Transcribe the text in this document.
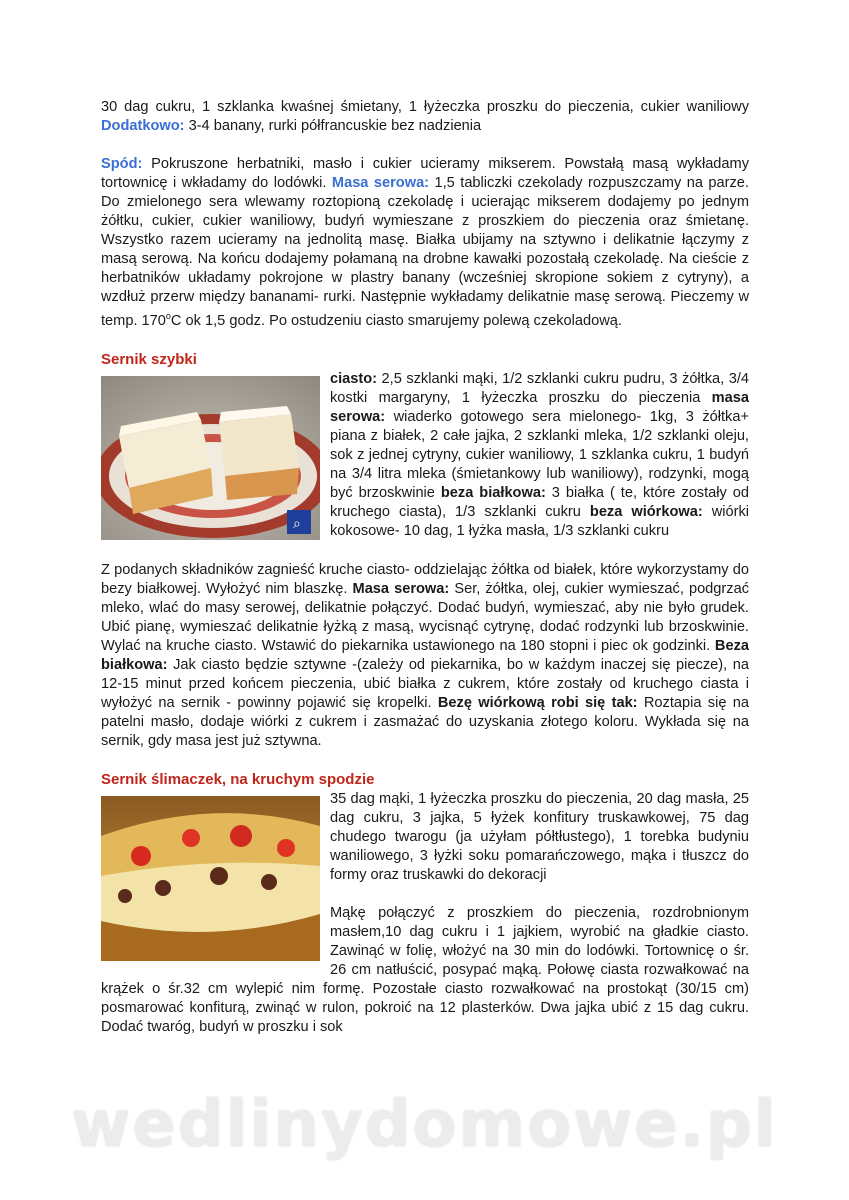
30 dag cukru, 1 szklanka kwaśnej śmietany, 1 łyżeczka proszku do pieczenia, cukier waniliowy Dodatkowo: 3-4 banany, rurki półfrancuskie bez nadzienia

Spód: Pokruszone herbatniki, masło i cukier ucieramy mikserem. Powstałą masą wykładamy tortownicę i wkładamy do lodówki. Masa serowa: 1,5 tabliczki czekolady rozpuszczamy na parze. Do zmielonego sera wlewamy roztopioną czekoladę i ucierając mikserem dodajemy po jednym żółtku, cukier, cukier waniliowy, budyń wymieszane z proszkiem do pieczenia oraz śmietanę. Wszystko razem ucieramy na jednolitą masę. Białka ubijamy na sztywno i delikatnie łączymy z masą serową. Na końcu dodajemy połamaną na drobne kawałki pozostałą czekoladę. Na cieście z herbatników układamy pokrojone w plastry banany (wcześniej skropione sokiem z cytryny), a wzdłuż przerw między bananami- rurki. Następnie wykładamy delikatnie masę serową. Pieczemy w temp. 170$^o$C ok 1,5 godz. Po ostudzeniu ciasto smarujemy polewą czekoladową.

Sernik szybki
⌕

ciasto: 2,5 szklanki mąki, 1/2 szklanki cukru pudru, 3 żółtka, 3/4 kostki margaryny, 1 łyżeczka proszku do pieczenia masa serowa: wiaderko gotowego sera mielonego- 1kg, 3 żółtka+ piana z białek, 2 całe jajka, 2 szklanki mleka, 1/2 szklanki oleju, sok z jednej cytryny, cukier waniliowy, 1 szklanka cukru, 1 budyń na 3/4 litra mleka (śmietankowy lub waniliowy), rodzynki, mogą być brzoskwinie beza białkowa: 3 białka ( te, które zostały od kruchego ciasta), 1/3 szklanki cukru beza wiórkowa: wiórki kokosowe- 10 dag, 1 łyżka masła, 1/3 szklanki cukru

Z podanych składników zagnieść kruche ciasto- oddzielając żółtka od białek, które wykorzystamy do bezy białkowej. Wyłożyć nim blaszkę. Masa serowa: Ser, żółtka, olej, cukier wymieszać, podgrzać mleko, wlać do masy serowej, delikatnie połączyć. Dodać budyń, wymieszać, aby nie było grudek. Ubić pianę, wymieszać delikatnie łyżką z masą, wycisnąć cytrynę, dodać rodzynki lub brzoskwinie. Wylać na kruche ciasto. Wstawić do piekarnika ustawionego na 180 stopni i piec ok godzinki. Beza białkowa: Jak ciasto będzie sztywne -(zależy od piekarnika, bo w każdym inaczej się piecze), na 12-15 minut przed końcem pieczenia, ubić białka z cukrem, które zostały od kruchego ciasta i wyłożyć na sernik - powinny pojawić się kropelki. Bezę wiórkową robi się tak: Roztapia się na patelni masło, dodaje wiórki z cukrem i zasmażać do uzyskania złotego koloru. Wykłada się na sernik, gdy masa jest już sztywna.

Sernik ślimaczek, na kruchym spodzie

35 dag mąki, 1 łyżeczka proszku do pieczenia, 20 dag masła, 25 dag cukru, 3 jajka, 5 łyżek konfitury truskawkowej, 75 dag chudego twarogu (ja użyłam półtłustego), 1 torebka budyniu waniliowego, 3 łyżki soku pomarańczowego, mąka i tłuszcz do formy oraz truskawki do dekoracji

Mąkę połączyć z proszkiem do pieczenia, rozdrobnionym masłem,10 dag cukru i 1 jajkiem, wyrobić na gładkie ciasto. Zawinąć w folię, włożyć na 30 min do lodówki. Tortownicę o śr. 26 cm natłuścić, posypać mąką. Połowę ciasta rozwałkować na krążek o śr.32 cm wylepić nim formę. Pozostałe ciasto rozwałkować na prostokąt (30/15 cm) posmarować konfiturą, zwinąć w rulon, pokroić na 12 plasterków. Dwa jajka ubić z 15 dag cukru. Dodać twaróg, budyń w proszku i sok

wedlinydomowe.pl
